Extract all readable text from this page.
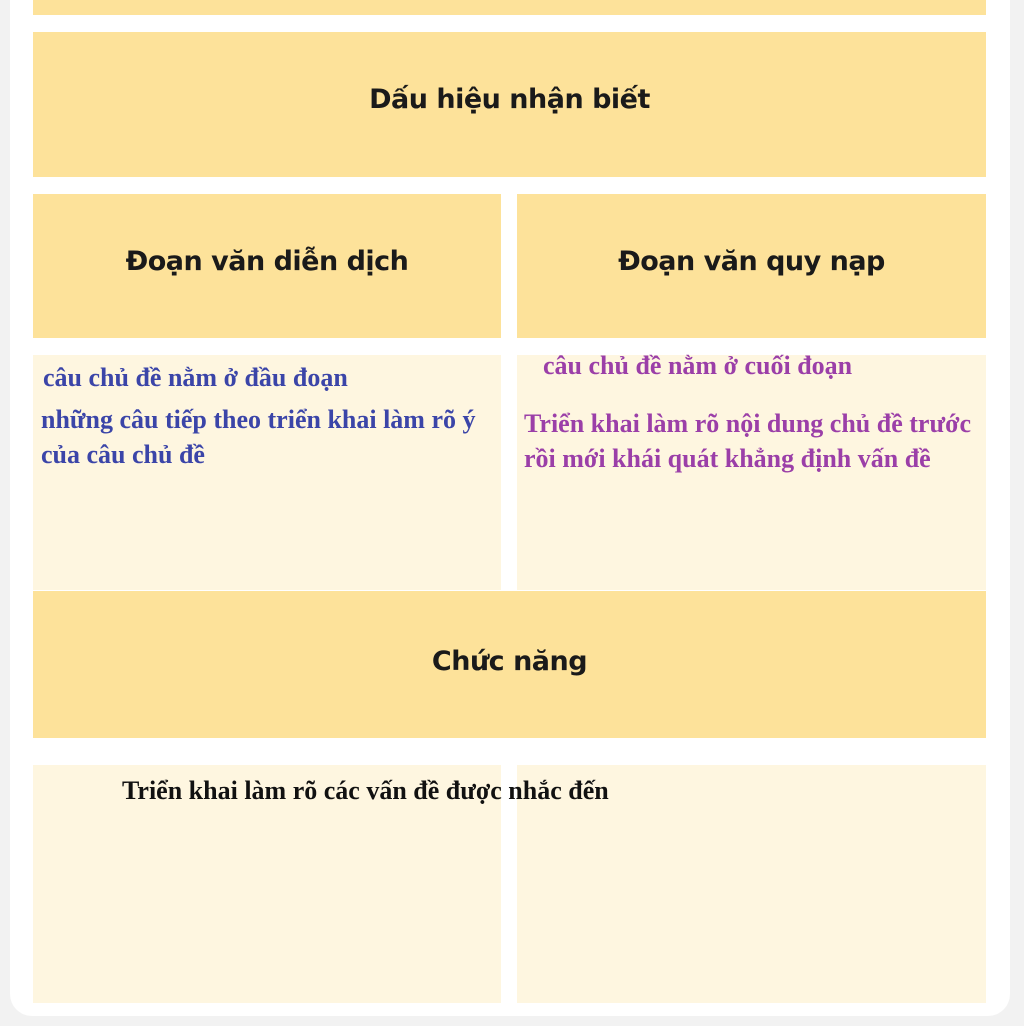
Dấu hiệu nhận biết
Đoạn văn diễn dịch	Đoạn văn quy nạp

câu chủ đề nằm ở đầu đoạn

những câu tiếp theo triển khai làm rõ ý của câu chủ đề

câu chủ đề nằm ở cuối đoạn

Triển khai làm rõ nội dung chủ đề trước rồi mới khái quát khẳng định vấn đề

Chức năng

Triển khai làm rõ các vấn đề được nhắc đến
